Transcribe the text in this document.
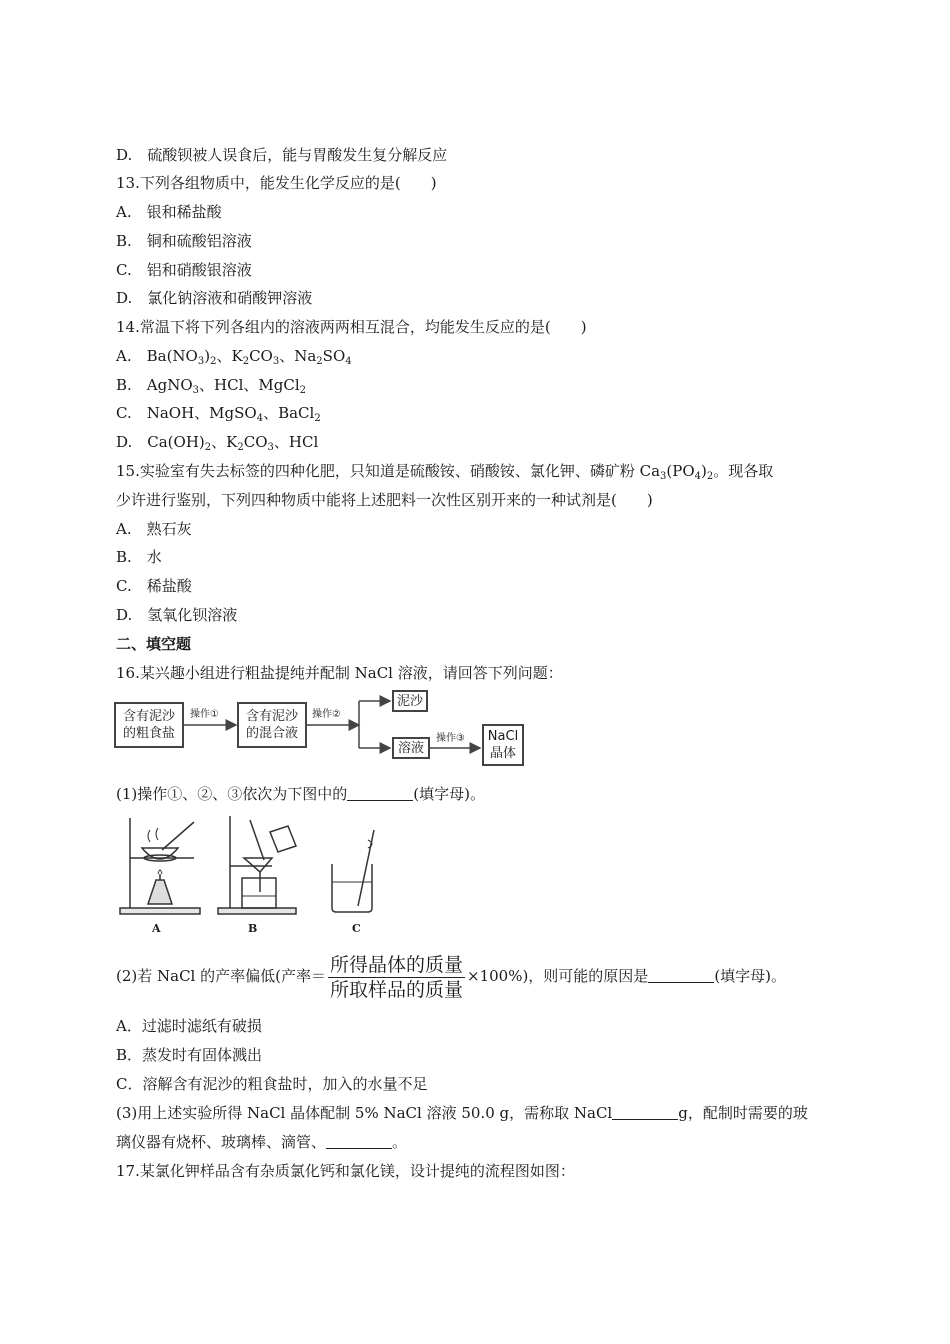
D.　硫酸钡被人误食后，能与胃酸发生复分解反应
13.下列各组物质中，能发生化学反应的是(　　)
A.　银和稀盐酸
B.　铜和硫酸铝溶液
C.　铝和硝酸银溶液
D.　氯化钠溶液和硝酸钾溶液
14.常温下将下列各组内的溶液两两相互混合，均能发生反应的是(　　)
A.　$Ba(NO_3)_2$、$K_2CO_3$、$Na_2SO_4$
B.　AgNO$_3$、HCl、MgCl$_2$
C.　NaOH、MgSO$_4$、BaCl$_2$
D.　$Ca(OH)_2$、$K_2CO_3$、HCl
15.实验室有失去标签的四种化肥，只知道是硫酸铵、硝酸铵、氯化钾、磷矿粉 $Ca_3(PO_4)_2$。现各取
少许进行鉴别，下列四种物质中能将上述肥料一次性区别开来的一种试剂是(　　)
A.　熟石灰
B.　水
C.　稀盐酸
D.　氢氧化钡溶液
二、填空题
16.某兴趣小组进行粗盐提纯并配制 NaCl 溶液，请回答下列问题：
含有泥沙
的粗食盐
操作①	含有泥沙
的混合液
操作②
泥沙
溶液
操作③	NaCl
晶体
(1)操作①、②、③依次为下图中的	(填字母)。
A	B	C
(2)若 NaCl 的产率偏低(产率＝ $\frac{\text{所得晶体的质量}}{\text{所取样品的质量}} \times 100\%$)，则可能的原因是	(填字母)。
A．过滤时滤纸有破损
B．蒸发时有固体溅出
C．溶解含有泥沙的粗食盐时，加入的水量不足
(3)用上述实验所得 NaCl 晶体配制 5% NaCl 溶液 50.0 g，需称取 NaCl	g，配制时需要的玻
璃仪器有烧杯、玻璃棒、滴管、	。
17.某氯化钾样品含有杂质氯化钙和氯化镁，设计提纯的流程图如图：
